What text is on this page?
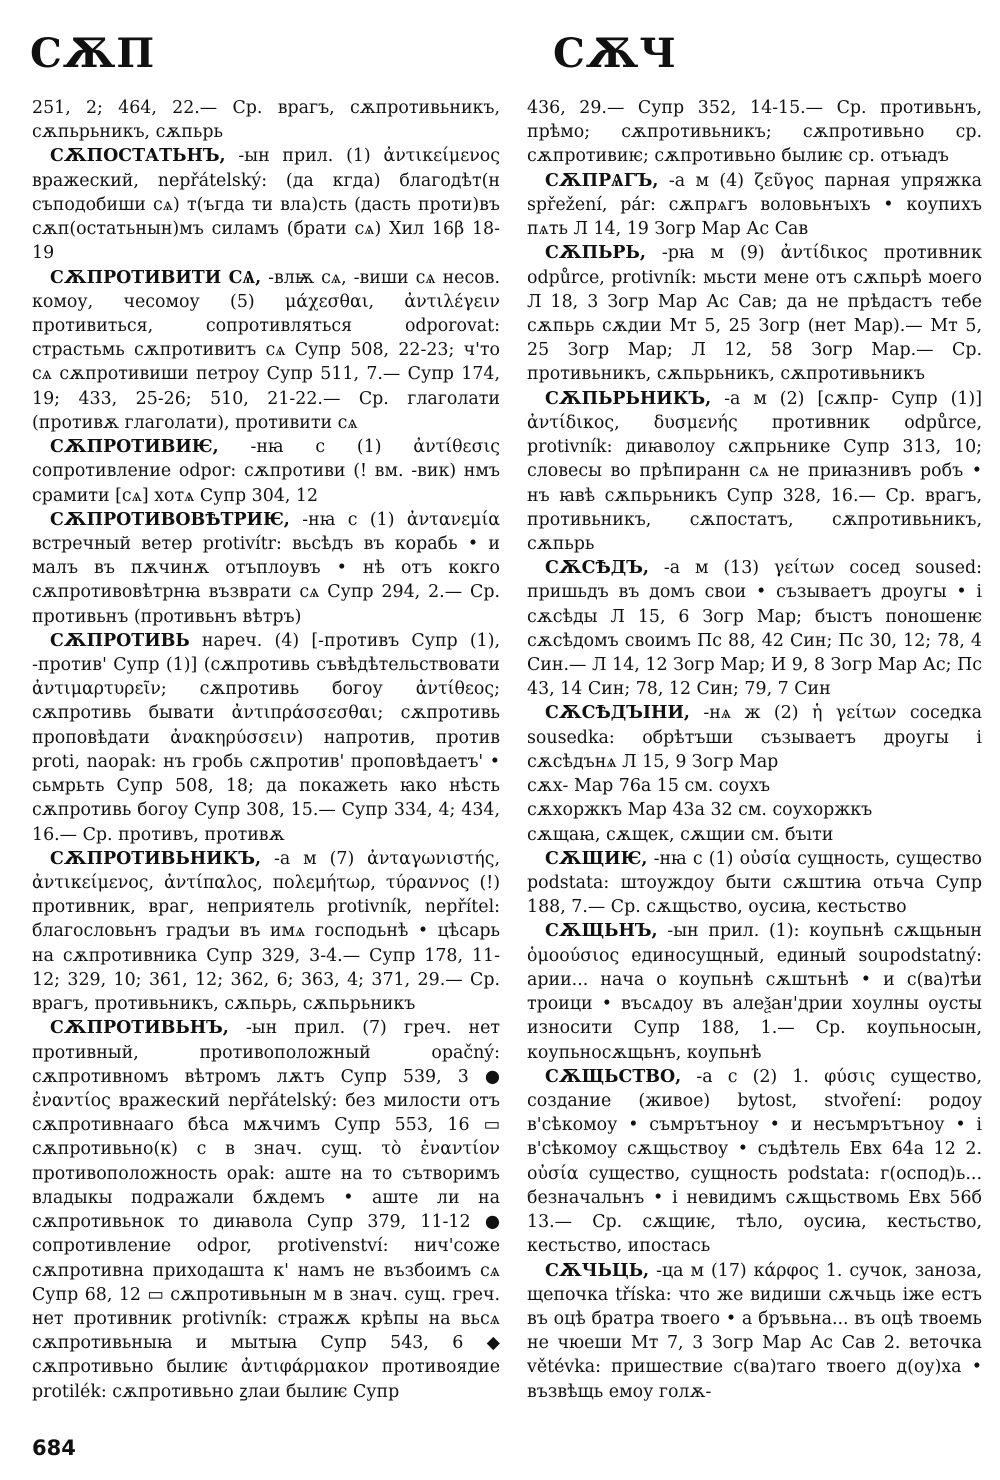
СѪП	СѪЧ

251, 2; 464, 22.— Ср. врагъ, сѫпротивьникъ, сѫпьрьникъ, сѫпьрь

СѪПОСТАТЬНЪ, -ын прил. (1) ἀντικείμενος вражеский, nepřátelský: (да кгда) благодѣт(н съподобиши сѧ) т(ъгда ти вла)сть (дасть проти)въ сѫп(остатьнын)мъ силамъ (брати сѧ) Хил 16β 18-19

СѪПРОТИВИТИ СѦ, -влѭ сѧ, -виши сѧ несов. комоу, чесомоу (5) μάχεσθαι, ἀντιλέγειν противиться, сопротивляться odporovat: страстьмь сѫпротивитъ сѧ Супр 508, 22-23; ч'то сѧ сѫпротивиши петроу Супр 511, 7.— Супр 174, 19; 433, 25-26; 510, 21-22.— Ср. глаголати (противѫ глаголати), противити сѧ

СѪПРОТИВИѤ, -нꙗ с (1) ἀντίθεσις сопротивление odpor: сѫпротиви (! вм. -вик) нмъ срамити [сѧ] хотѧ Супр 304, 12

СѪПРОТИВОВѢТРИѤ, -нꙗ с (1) ἀντανεμία встречный ветер protivítr: вьсѣдъ въ корабь • и малъ въ пѫчинѫ отъплоувъ • нѣ отъ кокго сѫпротивовѣтрнꙗ възврати сѧ Супр 294, 2.— Ср. противьнъ (противьнъ вѣтръ)

СѪПРОТИВЬ нареч. (4) [-противъ Супр (1), -против' Супр (1)] (сѫпротивь съвѣдѣтельствовати ἀντιμαρτυρεῖν; сѫпротивь богоу ἀντίθεος; сѫпротивь бывати ἀντιπράσσεσθαι; сѫпротивь проповѣдати ἀνακηρύσσειν) напротив, против proti, naopak: нъ гробь сѫпротив' проповѣдаетъ' • сьмрьть Супр 508, 18; да покажеть ꙗко нѣсть сѫпротивь богоу Супр 308, 15.— Супр 334, 4; 434, 16.— Ср. противъ, противѫ

СѪПРОТИВЬНИКЪ, -а м (7) ἀνταγωνιστής, ἀντικείμενος, ἀντίπαλος, πολεμήτωρ, τύραννος (!) противник, враг, неприятель protivník, nepřítel: благословьнъ градъи въ имѧ господьнѣ • цѣсарь на сѫпротивника Супр 329, 3-4.— Супр 178, 11-12; 329, 10; 361, 12; 362, 6; 363, 4; 371, 29.— Ср. врагъ, противьникъ, сѫпьрь, сѫпьрьникъ

СѪПРОТИВЬНЪ, -ын прил. (7) греч. нет противный, противоположный opačný: сѫпротивномъ вѣтромъ лѫтъ Супр 539, 3 ● ἐναντίος вражеский nepřátelský: без милости отъ сѫпротивнааго бѣса мѫчимъ Супр 553, 16 ▭ сѫпротивьно(к) с в знач. сущ. τὸ ἐναντίον противоположность opak: аште на то сътворимъ владыкы подражали бѫдемъ • аште ли на сѫпротивьнок то диꙗвола Супр 379, 11-12 ● сопротивление odpor, protivenství: нич'соже сѫпротивна приходашта к' намъ не възбоимъ сѧ Супр 68, 12 ▭ сѫпротивьнын м в знач. сущ. греч. нет противник protivník: стражѫ крѣпы на вьсѧ сѫпротивьныꙗ и мытыꙗ Супр 543, 6 ◆ сѫпротивьно былиѥ ἀντιφάρμακον противоядие protilék: сѫпротивьно ꙁлаи былиѥ Супр

436, 29.— Супр 352, 14-15.— Ср. противьнъ, прѣмо; сѫпротивьникъ; сѫпротивьно ср. сѫпротивиѥ; сѫпротивьно былиѥ ср. отъꙗдъ

СѪПРѦГЪ, -а м (4) ζεῦγος парная упряжка spřežení, pár: сѫпрѧгъ воловьнъıхъ • коупихъ пѧть Л 14, 19 Зогр Мар Ас Сав

СѪПЬРЬ, -рꙗ м (9) ἀντίδικος противник odpůrce, protivník: мьсти мене отъ сѫпьрѣ моего Л 18, 3 Зогр Мар Ас Сав; да не прѣдастъ тебе сѫпьрь сѫдии Мт 5, 25 Зогр (нет Мар).— Мт 5, 25 Зогр Мар; Л 12, 58 Зогр Мар.— Ср. противьникъ, сѫпьрьникъ, сѫпротивьникъ

СѪПЬРЬНИКЪ, -а м (2) [сѫпр- Супр (1)] ἀντίδικος, δυσμενής противник odpůrce, protivník: диꙗволоу сѫпрьнике Супр 313, 10; словесы во прѣпиранн сѧ не приꙗзнивъ робъ • нъ ꙗвѣ сѫпьрьникъ Супр 328, 16.— Ср. врагъ, противьникъ, сѫпостатъ, сѫпротивьникъ, сѫпьрь

СѪСѢДЪ, -а м (13) γείτων сосед soused: пришьдъ въ домъ свои • съзываетъ дроугы • і сѫсѣды Л 15, 6 Зогр Мар; бъıстъ поношенѥ сѫсѣдомъ своимъ Пс 88, 42 Син; Пс 30, 12; 78, 4 Син.— Л 14, 12 Зогр Мар; И 9, 8 Зогр Мар Ас; Пс 43, 14 Син; 78, 12 Син; 79, 7 Син

СѪСѢДЪІНИ, -нѧ ж (2) ἡ γείτων соседка sousedka: обрѣтъши съзываетъ дроугы і сѫсѣдънѧ Л 15, 9 Зогр Мар

сѫх- Мар 76а 15 см. соухъ

сѫхоржкъ Мар 43а 32 см. соухоржкъ

сѫщаꙗ, сѫщек, сѫщии см. бъıти

СѪЩИѤ, -нꙗ с (1) οὐσία сущность, существо podstata: штоуждоу быти сѫштиꙗ отьча Супр 188, 7.— Ср. сѫщьство, оусиꙗ, кестьство

СѪЩЬНЪ, -ын прил. (1): коупьнѣ сѫщьнын ὁμοούσιος единосущный, единый soupodstatný: арии... нача о коупьнѣ сѫштьнѣ • и с(ва)тѣи троици • въсѧдоу въ алеѯан'дрии хоулны оусты износити Супр 188, 1.— Ср. коупьносын, коупьносѫщьнъ, коупьнѣ

СѪЩЬСТВО, -а с (2) 1. φύσις существо, создание (живое) bytost, stvoření: родоу в'сѣкомоу • съмрътъноу • и несъмрътъноу • і в'сѣкомоу сѫщьствоу • съдѣтель Евх 64а 12 2. οὐσία существо, сущность podstata: г(оспод)ь... безначальнъ • і невидимъ сѫщьствомь Евх 56б 13.— Ср. сѫщиѥ, тѣло, оусиꙗ, кестьство, кестьство, ипостась

СѪЧЬЦЬ, -ца м (17) κάρφος 1. сучок, заноза, щепочка tříska: что же видиши сѫчьць іже естъ въ оцѣ братра твоего • а бръвьна... въ оцѣ твоемь не чюеши Мт 7, 3 Зогр Мар Ас Сав 2. веточка větévka: пришествие с(ва)таго твоего д(оу)ха • възвѣщь емоу голѫ-

684
